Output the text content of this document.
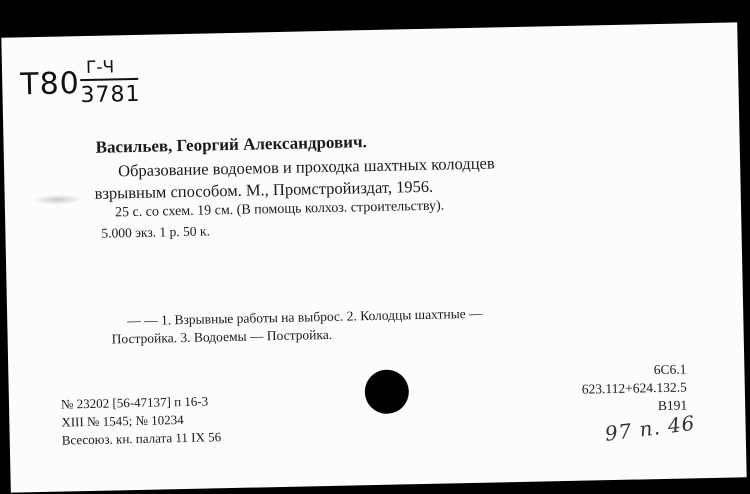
T80 Г-Ч
3781
Васильев, Георгий Александрович.
Образование водоемов и проходка шахтных колодцев
взрывным способом. М., Промстройиздат, 1956.
25 с. со схем. 19 см. (В помощь колхоз. строительству).
5.000 экз. 1 р. 50 к.
— — 1. Взрывные работы на выброс. 2. Колодцы шахтные —
Постройка. 3. Водоемы — Постройка.
№ 23202 [56-47137] п 16-3
XIII № 1545; № 10234
Всесоюз. кн. палата 11 IX 56
6С6.1
623.112+624.132.5
В191
97 п. 46
